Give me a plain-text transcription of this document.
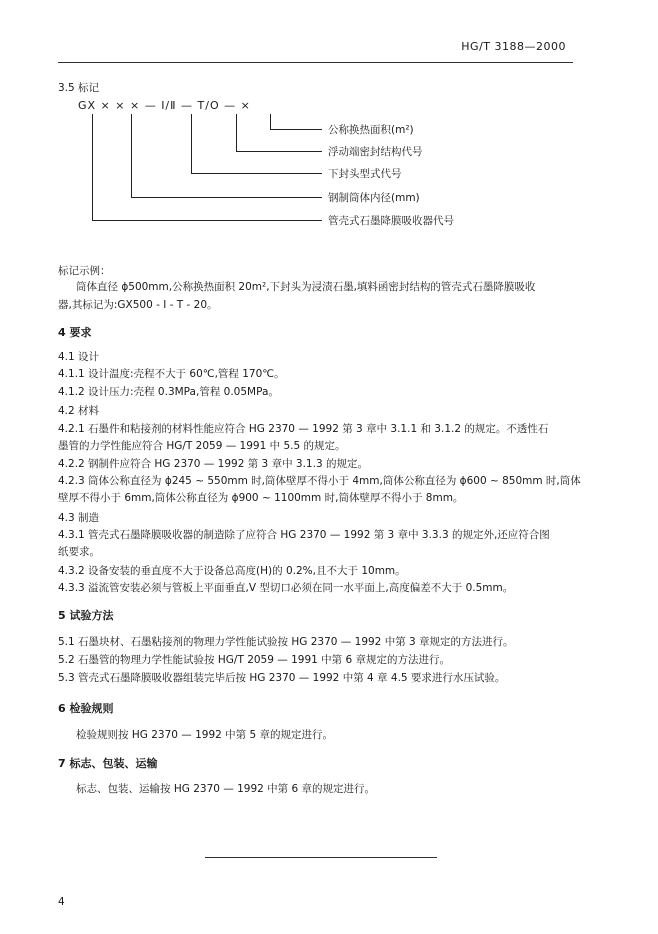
HG/T 3188—2000
3.5 标记
GX × × × — Ⅰ/Ⅱ — T/O — ×
公称换热面积(m²)
浮动端密封结构代号
下封头型式代号
钢制筒体内径(mm)
管壳式石墨降膜吸收器代号
标记示例：
筒体直径 ϕ500mm,公称换热面积 20m²,下封头为浸渍石墨,填料函密封结构的管壳式石墨降膜吸收
器,其标记为:GX500 - Ⅰ - T - 20。
4 要求
4.1 设计
4.1.1 设计温度:壳程不大于 60℃,管程 170℃。
4.1.2 设计压力:壳程 0.3MPa,管程 0.05MPa。
4.2 材料
4.2.1 石墨件和粘接剂的材料性能应符合 HG 2370 — 1992 第 3 章中 3.1.1 和 3.1.2 的规定。不透性石
墨管的力学性能应符合 HG/T 2059 — 1991 中 5.5 的规定。
4.2.2 钢制件应符合 HG 2370 — 1992 第 3 章中 3.1.3 的规定。
4.2.3 筒体公称直径为 ϕ245 ~ 550mm 时,筒体壁厚不得小于 4mm,筒体公称直径为 ϕ600 ~ 850mm 时,筒体
壁厚不得小于 6mm,筒体公称直径为 ϕ900 ~ 1100mm 时,筒体壁厚不得小于 8mm。
4.3 制造
4.3.1 管壳式石墨降膜吸收器的制造除了应符合 HG 2370 — 1992 第 3 章中 3.3.3 的规定外,还应符合图
纸要求。
4.3.2 设备安装的垂直度不大于设备总高度(H)的 0.2%,且不大于 10mm。
4.3.3 溢流管安装必须与管板上平面垂直,V 型切口必须在同一水平面上,高度偏差不大于 0.5mm。
5 试验方法
5.1 石墨块材、石墨粘接剂的物理力学性能试验按 HG 2370 — 1992 中第 3 章规定的方法进行。
5.2 石墨管的物理力学性能试验按 HG/T 2059 — 1991 中第 6 章规定的方法进行。
5.3 管壳式石墨降膜吸收器组装完毕后按 HG 2370 — 1992 中第 4 章 4.5 要求进行水压试验。
6 检验规则
检验规则按 HG 2370 — 1992 中第 5 章的规定进行。
7 标志、包装、运输
标志、包装、运输按 HG 2370 — 1992 中第 6 章的规定进行。
4
